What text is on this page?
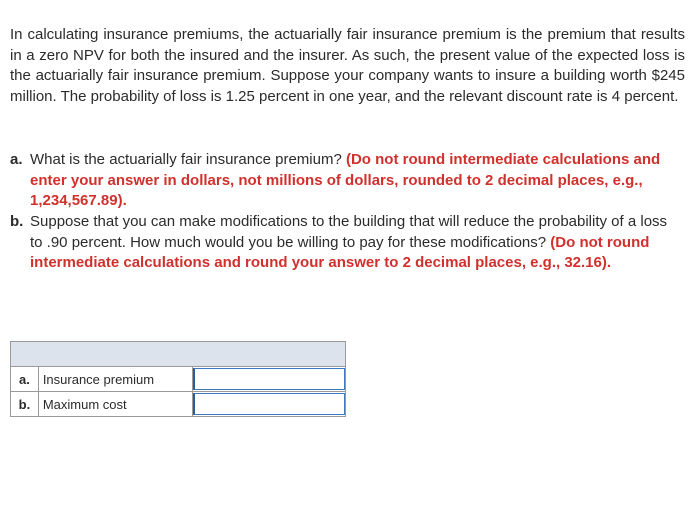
In calculating insurance premiums, the actuarially fair insurance premium is the premium that results in a zero NPV for both the insured and the insurer. As such, the present value of the expected loss is the actuarially fair insurance premium. Suppose your company wants to insure a building worth $245 million. The probability of loss is 1.25 percent in one year, and the relevant discount rate is 4 percent.

a. What is the actuarially fair insurance premium? (Do not round intermediate calculations and enter your answer in dollars, not millions of dollars, rounded to 2 decimal places, e.g., 1,234,567.89).
b. Suppose that you can make modifications to the building that will reduce the probability of a loss to .90 percent. How much would you be willing to pay for these modifications? (Do not round intermediate calculations and round your answer to 2 decimal places, e.g., 32.16).

a.	Insurance premium	

b.	Maximum cost	
